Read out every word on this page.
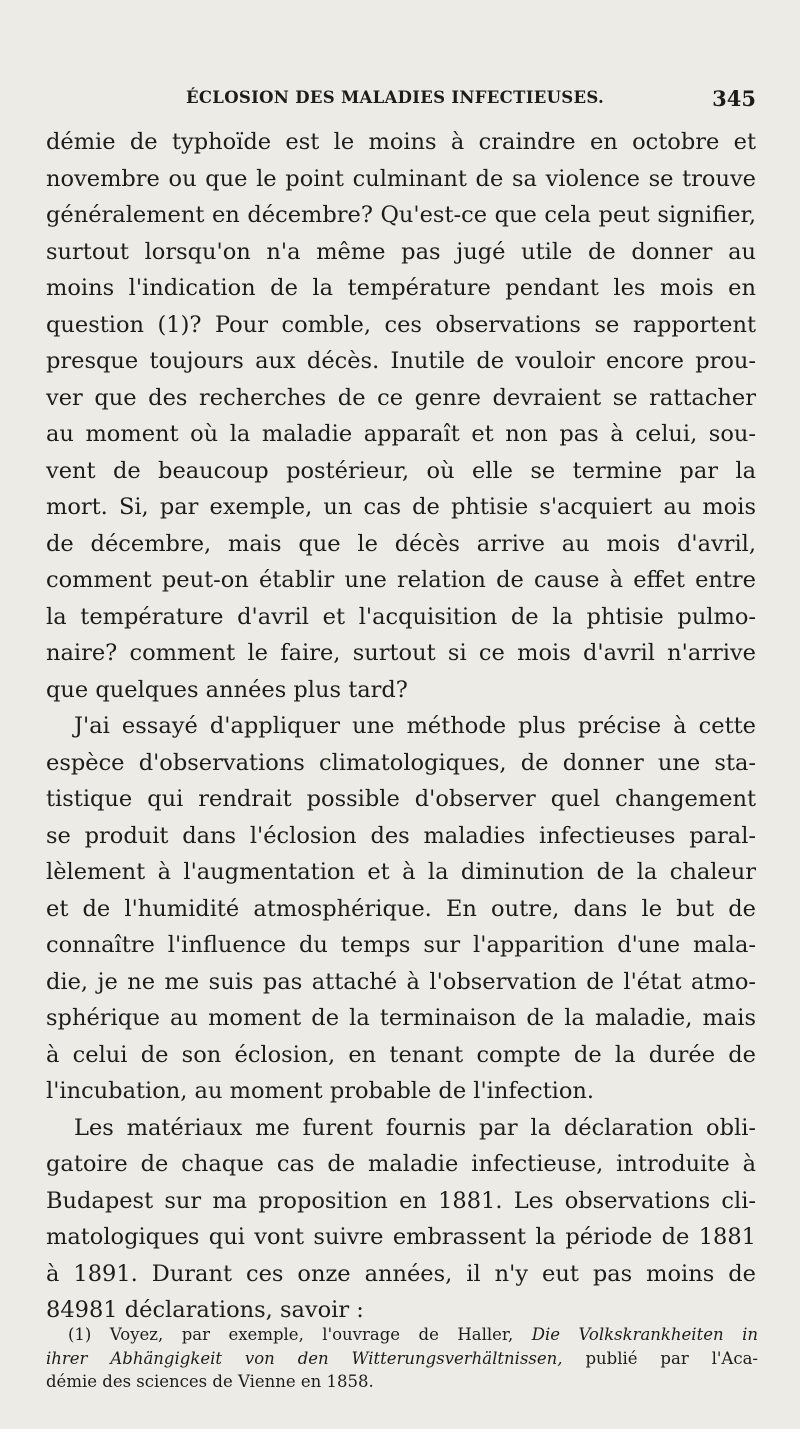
ÉCLOSION DES MALADIES INFECTIEUSES.	345
démie de typhoïde est le moins à craindre en octobre et
novembre ou que le point culminant de sa violence se trouve
généralement en décembre? Qu'est-ce que cela peut signifier,
surtout lorsqu'on n'a même pas jugé utile de donner au
moins l'indication de la température pendant les mois en
question (1)? Pour comble, ces observations se rapportent
presque toujours aux décès. Inutile de vouloir encore prou-
ver que des recherches de ce genre devraient se rattacher
au moment où la maladie apparaît et non pas à celui, sou-
vent de beaucoup postérieur, où elle se termine par la
mort. Si, par exemple, un cas de phtisie s'acquiert au mois
de décembre, mais que le décès arrive au mois d'avril,
comment peut-on établir une relation de cause à effet entre
la température d'avril et l'acquisition de la phtisie pulmo-
naire? comment le faire, surtout si ce mois d'avril n'arrive
que quelques années plus tard?
J'ai essayé d'appliquer une méthode plus précise à cette
espèce d'observations climatologiques, de donner une sta-
tistique qui rendrait possible d'observer quel changement
se produit dans l'éclosion des maladies infectieuses paral-
lèlement à l'augmentation et à la diminution de la chaleur
et de l'humidité atmosphérique. En outre, dans le but de
connaître l'influence du temps sur l'apparition d'une mala-
die, je ne me suis pas attaché à l'observation de l'état atmo-
sphérique au moment de la terminaison de la maladie, mais
à celui de son éclosion, en tenant compte de la durée de
l'incubation, au moment probable de l'infection.
Les matériaux me furent fournis par la déclaration obli-
gatoire de chaque cas de maladie infectieuse, introduite à
Budapest sur ma proposition en 1881. Les observations cli-
matologiques qui vont suivre embrassent la période de 1881
à 1891. Durant ces onze années, il n'y eut pas moins de
84981 déclarations, savoir :
(1) Voyez, par exemple, l'ouvrage de Haller, Die Volkskrankheiten in
ihrer Abhängigkeit von den Witterungsverhältnissen, publié par l'Aca-
démie des sciences de Vienne en 1858.
